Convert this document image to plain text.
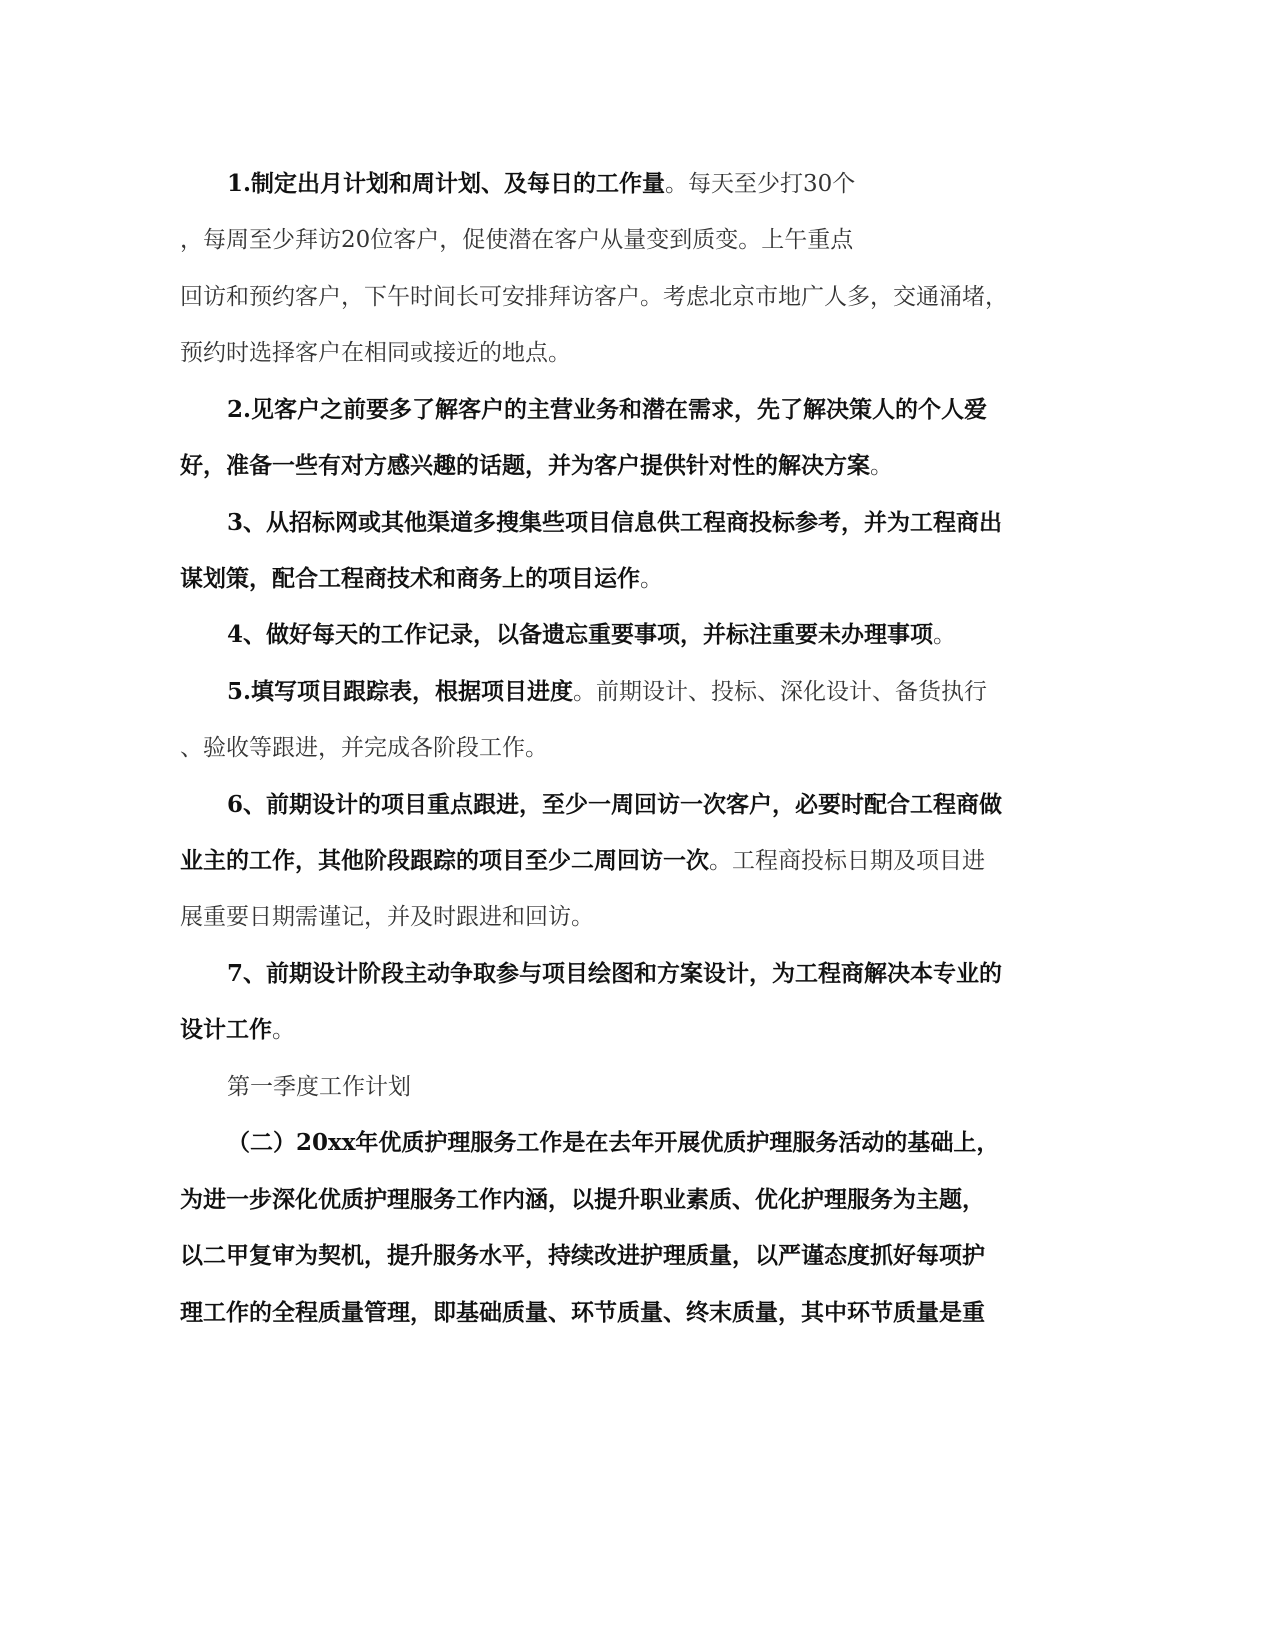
1.制定出月计划和周计划、及每日的工作量。每天至少打30个
，每周至少拜访20位客户，促使潜在客户从量变到质变。上午重点
回访和预约客户，下午时间长可安排拜访客户。考虑北京市地广人多，交通涌堵，
预约时选择客户在相同或接近的地点。
2.见客户之前要多了解客户的主营业务和潜在需求，先了解决策人的个人爱
好，准备一些有对方感兴趣的话题，并为客户提供针对性的解决方案。
3、从招标网或其他渠道多搜集些项目信息供工程商投标参考，并为工程商出
谋划策，配合工程商技术和商务上的项目运作。
4、做好每天的工作记录，以备遗忘重要事项，并标注重要未办理事项。
5.填写项目跟踪表，根据项目进度。前期设计、投标、深化设计、备货执行
、验收等跟进，并完成各阶段工作。
6、前期设计的项目重点跟进，至少一周回访一次客户，必要时配合工程商做
业主的工作，其他阶段跟踪的项目至少二周回访一次。工程商投标日期及项目进
展重要日期需谨记，并及时跟进和回访。
7、前期设计阶段主动争取参与项目绘图和方案设计，为工程商解决本专业的
设计工作。
第一季度工作计划
（二）20xx年优质护理服务工作是在去年开展优质护理服务活动的基础上，
为进一步深化优质护理服务工作内涵，以提升职业素质、优化护理服务为主题，
以二甲复审为契机，提升服务水平，持续改进护理质量，以严谨态度抓好每项护
理工作的全程质量管理，即基础质量、环节质量、终末质量，其中环节质量是重
